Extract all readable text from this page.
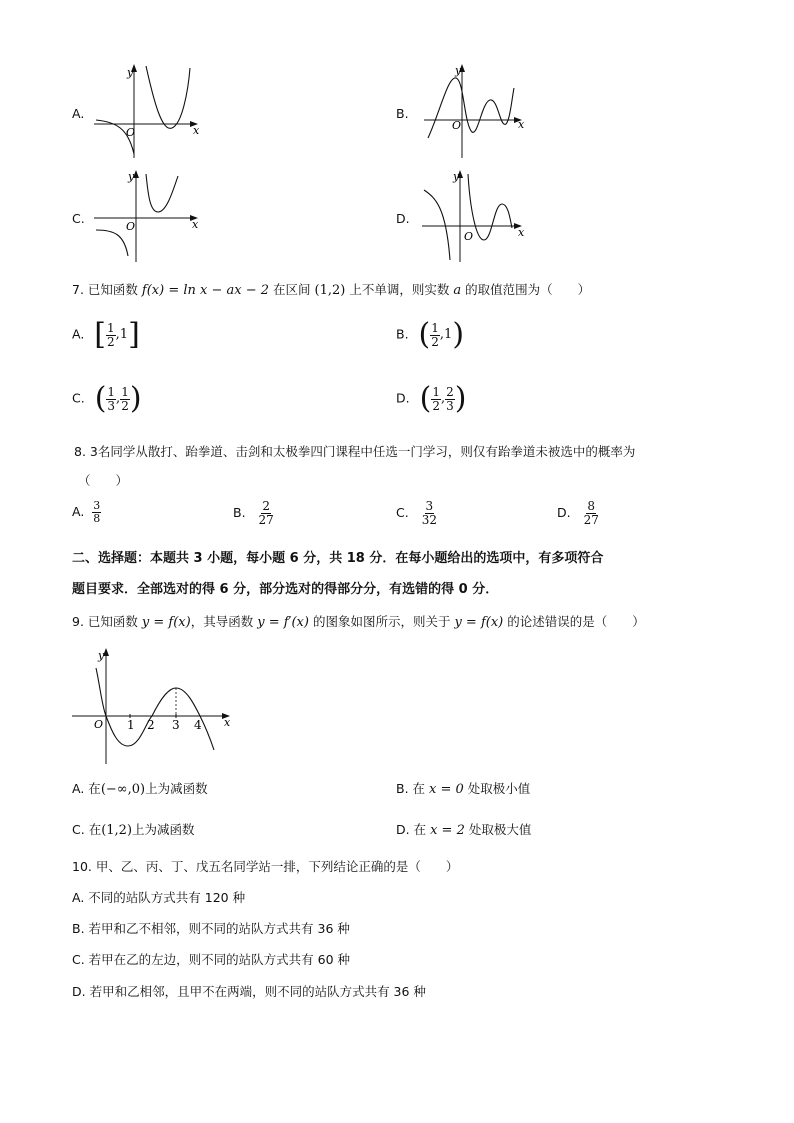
A.
y
x
O
B.
y
x
O
C.
y
x
O
D.
y
x
O
7. 已知函数 f(x) = ln x − ax − 2 在区间 (1,2) 上不单调，则实数 a 的取值范围为（　　）
A. [ $\frac{1}{2} ,1$]	B. ( $\frac{1}{2} ,1$)
C. ( $\frac{1}{3}$ , $\frac{1}{2}$ )	D. ( $\frac{1}{2}$ , $\frac{2}{3}$ )
8. 3名同学从散打、跆拳道、击剑和太极拳四门课程中任选一门学习，则仅有跆拳道未被选中的概率为
（　　）
A. $\frac{3}{8}$	B. $\frac{2}{27}$	C. $\frac{3}{32}$	D. $\frac{8}{27}$
二、选择题：本题共 3 小题，每小题 6 分，共 18 分．在每小题给出的选项中，有多项符合
题目要求．全部选对的得 6 分，部分选对的得部分分，有选错的得 0 分．
9. 已知函数 y = f(x)，其导函数 y = f′(x) 的图象如图所示，则关于 y = f(x) 的论述错误的是（　　）
y
x
O 1 2 3 4
A. 在(−∞,0)上为减函数	B. 在 x = 0 处取极小值
C. 在(1,2)上为减函数	D. 在 x = 2 处取极大值
10. 甲、乙、丙、丁、戊五名同学站一排，下列结论正确的是（　　）
A. 不同的站队方式共有 120 种
B. 若甲和乙不相邻，则不同的站队方式共有 36 种
C. 若甲在乙的左边，则不同的站队方式共有 60 种
D. 若甲和乙相邻，且甲不在两端，则不同的站队方式共有 36 种
